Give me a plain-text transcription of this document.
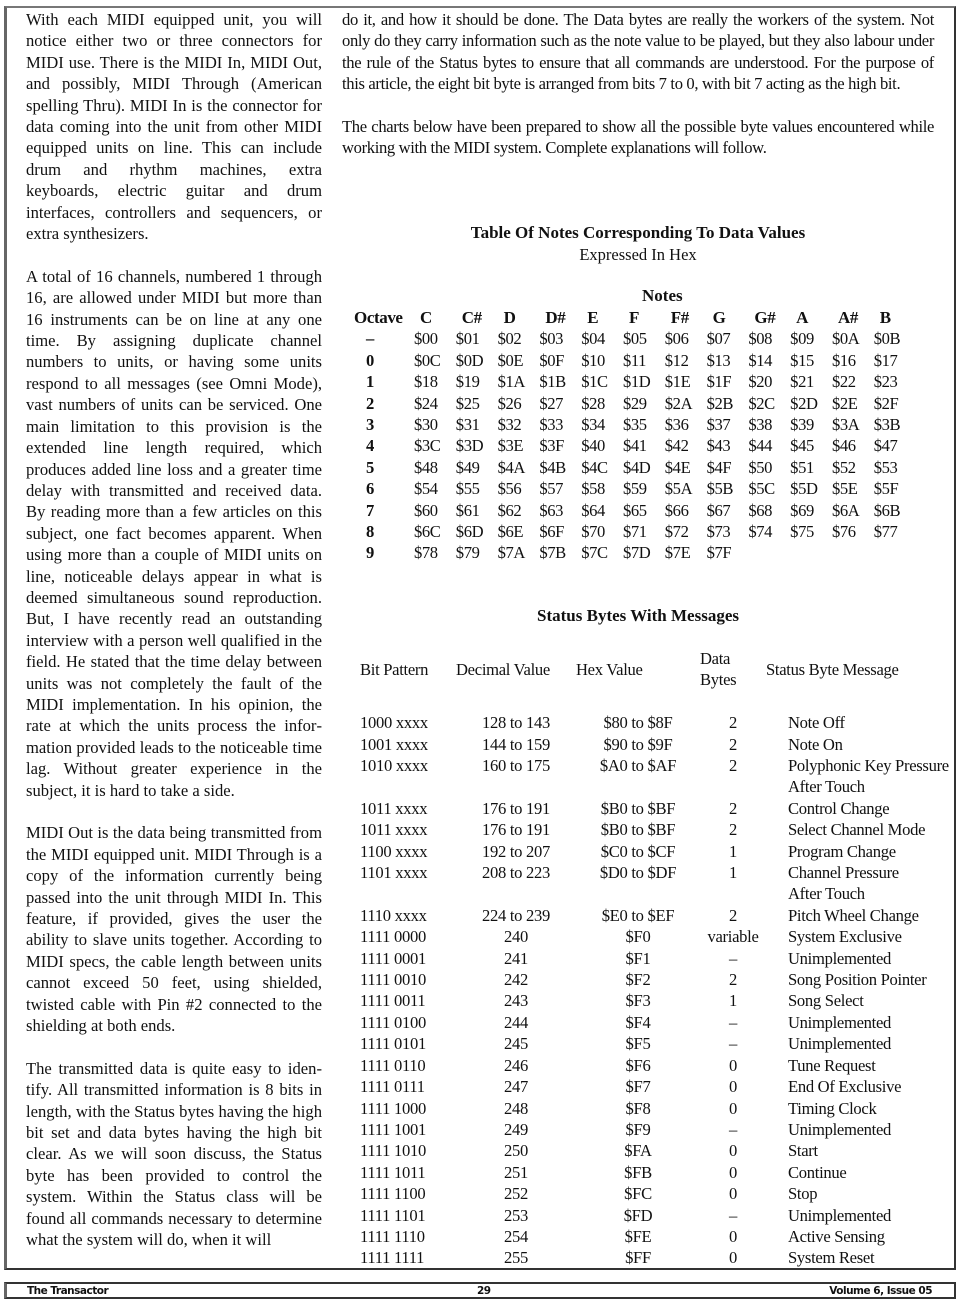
With each MIDI equipped unit, you will notice either two or three connectors for MIDI use. There is the MIDI In, MIDI Out, and possibly, MIDI Through (American spelling Thru). MIDI In is the connector for data coming into the unit from other MIDI equipped units on line. This can include drum and rhythm machines, extra keyboards, electric guitar and drum interfaces, controllers and sequencers, or extra synthesizers.

A total of 16 channels, numbered 1 through 16, are allowed under MIDI but more than 16 instruments can be on line at any one time. By assigning duplicate channel numbers to units, or having some units respond to all messages (see Omni Mode), vast numbers of units can be serviced. One main limitation to this provision is the extended line length required, which produces added line loss and a greater time delay with transmitted and received data. By reading more than a few articles on this subject, one fact becomes apparent. When using more than a couple of MIDI units on line, noticeable delays appear in what is deemed simultaneous sound reproduction. But, I have recently read an outstanding interview with a person well qualified in the field. He stated that the time delay between units was not completely the fault of the MIDI implementation. In his opinion, the rate at which the units process the information provided leads to the noticeable time lag. Without greater experience in the subject, it is hard to take a side.

MIDI Out is the data being transmitted from the MIDI equipped unit. MIDI Through is a copy of the information currently being passed into the unit through MIDI In. This feature, if provided, gives the user the ability to slave units together. According to MIDI specs, the cable length between units cannot exceed 50 feet, using shielded, twisted cable with Pin #2 connected to the shielding at both ends.

The transmitted data is quite easy to identify. All transmitted information is 8 bits in length, with the Status bytes having the high bit set and data bytes having the high bit clear. As we will soon discuss, the Status byte has been provided to control the system. Within the Status class will be found all commands necessary to determine what the system will do, when it will

do it, and how it should be done. The Data bytes are really the workers of the system. Not only do they carry information such as the note value to be played, but they also labour under the rule of the Status bytes to ensure that all commands are understood. For the purpose of this article, the eight bit byte is arranged from bits 7 to 0, with bit 7 acting as the high bit.

The charts below have been prepared to show all the possible byte values encountered while working with the MIDI system. Complete explanations will follow.

Table Of Notes Corresponding To Data Values
Expressed In Hex
Notes
Octave	C	C#	D	D#	E	F	F#	G	G#	A	A#	B
–	$00	$01	$02	$03	$04	$05	$06	$07	$08	$09	$0A	$0B
0	$0C	$0D	$0E	$0F	$10	$11	$12	$13	$14	$15	$16	$17
1	$18	$19	$1A	$1B	$1C	$1D	$1E	$1F	$20	$21	$22	$23
2	$24	$25	$26	$27	$28	$29	$2A	$2B	$2C	$2D	$2E	$2F
3	$30	$31	$32	$33	$34	$35	$36	$37	$38	$39	$3A	$3B
4	$3C	$3D	$3E	$3F	$40	$41	$42	$43	$44	$45	$46	$47
5	$48	$49	$4A	$4B	$4C	$4D	$4E	$4F	$50	$51	$52	$53
6	$54	$55	$56	$57	$58	$59	$5A	$5B	$5C	$5D	$5E	$5F
7	$60	$61	$62	$63	$64	$65	$66	$67	$68	$69	$6A	$6B
8	$6C	$6D	$6E	$6F	$70	$71	$72	$73	$74	$75	$76	$77
9	$78	$79	$7A	$7B	$7C	$7D	$7E	$7F				
Status Bytes With Messages
Bit Pattern	Decimal Value	Hex Value	Data Bytes	Status Byte Message

1000 xxxx	128 to 143	$80 to $8F	2	Note Off
1001 xxxx	144 to 159	$90 to $9F	2	Note On
1010 xxxx	160 to 175	$A0 to $AF	2	Polyphonic Key Pressure
				After Touch
1011 xxxx	176 to 191	$B0 to $BF	2	Control Change
1011 xxxx	176 to 191	$B0 to $BF	2	Select Channel Mode
1100 xxxx	192 to 207	$C0 to $CF	1	Program Change
1101 xxxx	208 to 223	$D0 to $DF	1	Channel Pressure
				After Touch
1110 xxxx	224 to 239	$E0 to $EF	2	Pitch Wheel Change
1111 0000	240	$F0	variable	System Exclusive
1111 0001	241	$F1	–	Unimplemented
1111 0010	242	$F2	2	Song Position Pointer
1111 0011	243	$F3	1	Song Select
1111 0100	244	$F4	–	Unimplemented
1111 0101	245	$F5	–	Unimplemented
1111 0110	246	$F6	0	Tune Request
1111 0111	247	$F7	0	End Of Exclusive
1111 1000	248	$F8	0	Timing Clock
1111 1001	249	$F9	–	Unimplemented
1111 1010	250	$FA	0	Start
1111 1011	251	$FB	0	Continue
1111 1100	252	$FC	0	Stop
1111 1101	253	$FD	–	Unimplemented
1111 1110	254	$FE	0	Active Sensing
1111 1111	255	$FF	0	System Reset
The Transactor	29	Volume 6, Issue 05
